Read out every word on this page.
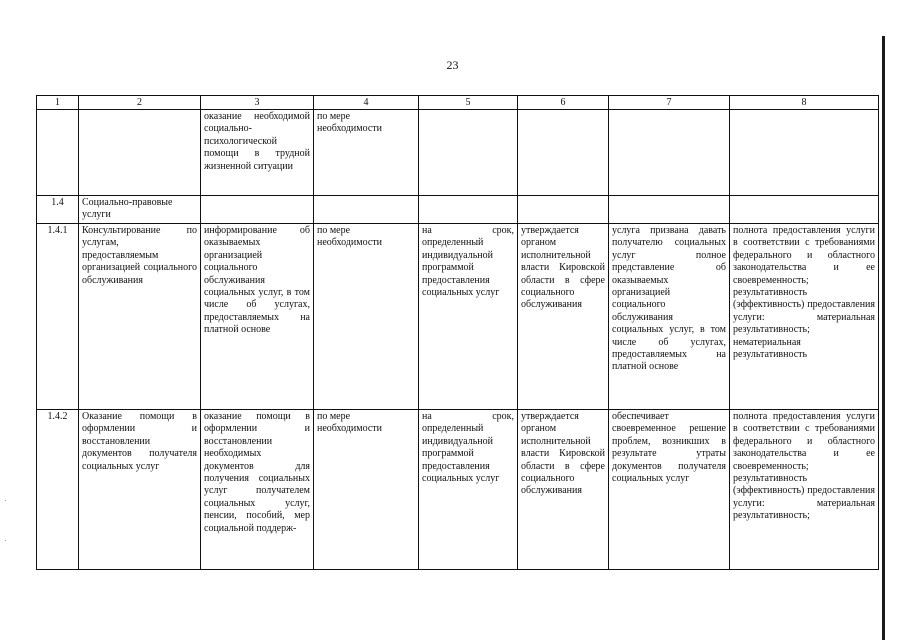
23
1	2	3	4	5	6	7	8
		оказание необходимой социально-психологической помощи в трудной жизненной ситуации	по мере необходимости				
1.4	Социально-правовые услуги						
1.4.1	Консультирование по услугам, предоставляемым организацией социального обслуживания	информирование об оказываемых организацией социального обслуживания социальных услуг, в том числе об услугах, предоставляемых на платной основе	по мере необходимости	на срок, определенный индивидуальной программой предоставления социальных услуг	утверждается органом исполнительной власти Кировской области в сфере социального обслуживания	услуга призвана давать получателю социальных услуг полное представление об оказываемых организацией социального обслуживания социальных услуг, в том числе об услугах, предоставляемых на платной основе	полнота предоставления услуги в соответствии с требованиями федерального и областного законодательства и ее своевременность; результативность (эффективность) предоставления услуги: материальная результативность; нематериальная результативность
1.4.2	Оказание помощи в оформлении и восстановлении документов получателя социальных услуг	оказание помощи в оформлении и восстановлении необходимых документов для получения социальных услуг получателем социальных услуг, пенсии, пособий, мер социальной поддерж-	по мере необходимости	на срок, определенный индивидуальной программой предоставления социальных услуг	утверждается органом исполнительной власти Кировской области в сфере социального обслуживания	обеспечивает своевременное решение проблем, возникших в результате утраты документов получателя социальных услуг	полнота предоставления услуги в соответствии с требованиями федерального и областного законодательства и ее своевременность; результативность (эффективность) предоставления услуги: материальная результативность;
